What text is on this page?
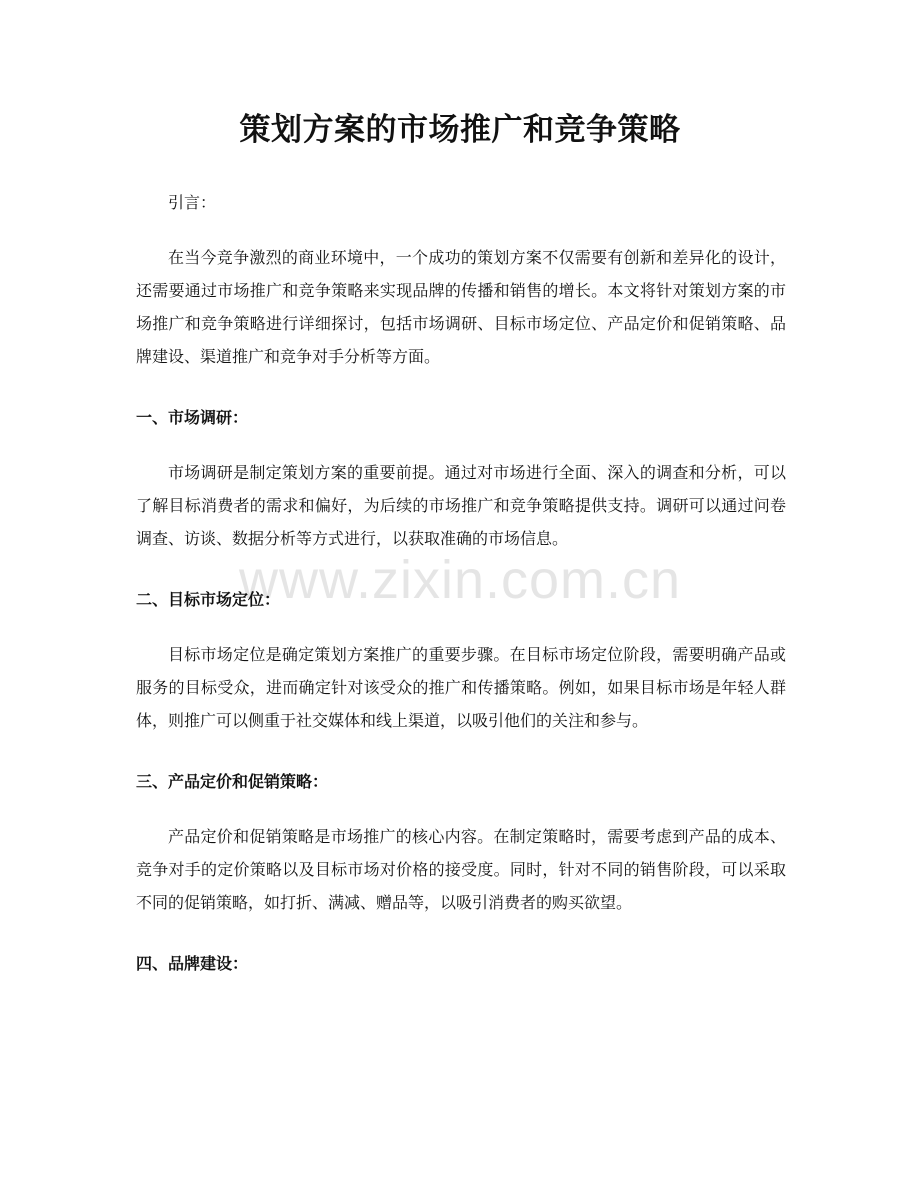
策划方案的市场推广和竞争策略
www.zixin.com.cn

引言：

在当今竞争激烈的商业环境中，一个成功的策划方案不仅需要有创新和差异化的设计，还需要通过市场推广和竞争策略来实现品牌的传播和销售的增长。本文将针对策划方案的市场推广和竞争策略进行详细探讨，包括市场调研、目标市场定位、产品定价和促销策略、品牌建设、渠道推广和竞争对手分析等方面。

一、市场调研：

市场调研是制定策划方案的重要前提。通过对市场进行全面、深入的调查和分析，可以了解目标消费者的需求和偏好，为后续的市场推广和竞争策略提供支持。调研可以通过问卷调查、访谈、数据分析等方式进行，以获取准确的市场信息。

二、目标市场定位：

目标市场定位是确定策划方案推广的重要步骤。在目标市场定位阶段，需要明确产品或服务的目标受众，进而确定针对该受众的推广和传播策略。例如，如果目标市场是年轻人群体，则推广可以侧重于社交媒体和线上渠道，以吸引他们的关注和参与。

三、产品定价和促销策略：

产品定价和促销策略是市场推广的核心内容。在制定策略时，需要考虑到产品的成本、竞争对手的定价策略以及目标市场对价格的接受度。同时，针对不同的销售阶段，可以采取不同的促销策略，如打折、满减、赠品等，以吸引消费者的购买欲望。

四、品牌建设：
